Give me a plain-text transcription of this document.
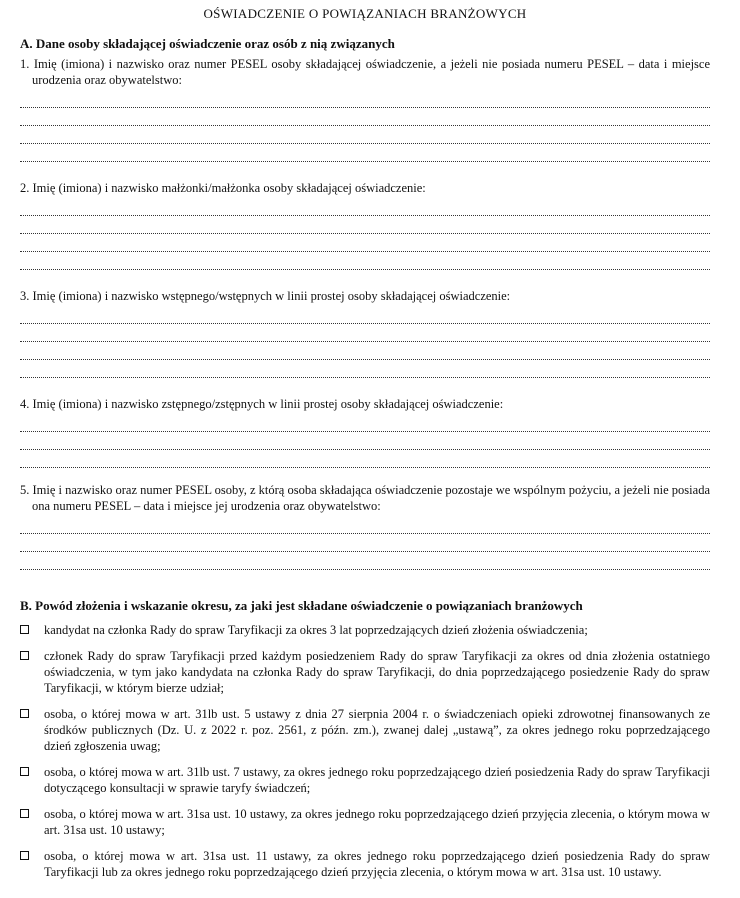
OŚWIADCZENIE O POWIĄZANIACH BRANŻOWYCH
A. Dane osoby składającej oświadczenie oraz osób z nią związanych
1. Imię (imiona) i nazwisko oraz numer PESEL osoby składającej oświadczenie, a jeżeli nie posiada numeru PESEL – data i miejsce urodzenia oraz obywatelstwo:
2. Imię (imiona) i nazwisko małżonki/małżonka osoby składającej oświadczenie:
3. Imię (imiona) i nazwisko wstępnego/wstępnych w linii prostej osoby składającej oświadczenie:
4. Imię (imiona) i nazwisko zstępnego/zstępnych w linii prostej osoby składającej oświadczenie:
5. Imię i nazwisko oraz numer PESEL osoby, z którą osoba składająca oświadczenie pozostaje we wspólnym pożyciu, a jeżeli nie posiada ona numeru PESEL – data i miejsce jej urodzenia oraz obywatelstwo:
B. Powód złożenia i wskazanie okresu, za jaki jest składane oświadczenie o powiązaniach branżowych
kandydat na członka Rady do spraw Taryfikacji za okres 3 lat poprzedzających dzień złożenia oświadczenia;
członek Rady do spraw Taryfikacji przed każdym posiedzeniem Rady do spraw Taryfikacji za okres od dnia złożenia ostatniego oświadczenia, w tym jako kandydata na członka Rady do spraw Taryfikacji, do dnia poprzedzającego posiedzenie Rady do spraw Taryfikacji, w którym bierze udział;
osoba, o której mowa w art. 31lb ust. 5 ustawy z dnia 27 sierpnia 2004 r. o świadczeniach opieki zdrowotnej finansowanych ze środków publicznych (Dz. U. z 2022 r. poz. 2561, z późn. zm.), zwanej dalej „ustawą”, za okres jednego roku poprzedzającego dzień zgłoszenia uwag;
osoba, o której mowa w art. 31lb ust. 7 ustawy, za okres jednego roku poprzedzającego dzień posiedzenia Rady do spraw Taryfikacji dotyczącego konsultacji w sprawie taryfy świadczeń;
osoba, o której mowa w art. 31sa ust. 10 ustawy, za okres jednego roku poprzedzającego dzień przyjęcia zlecenia, o którym mowa w art. 31sa ust. 10 ustawy;
osoba, o której mowa w art. 31sa ust. 11 ustawy, za okres jednego roku poprzedzającego dzień posiedzenia Rady do spraw Taryfikacji lub za okres jednego roku poprzedzającego dzień przyjęcia zlecenia, o którym mowa w art. 31sa ust. 10 ustawy.
